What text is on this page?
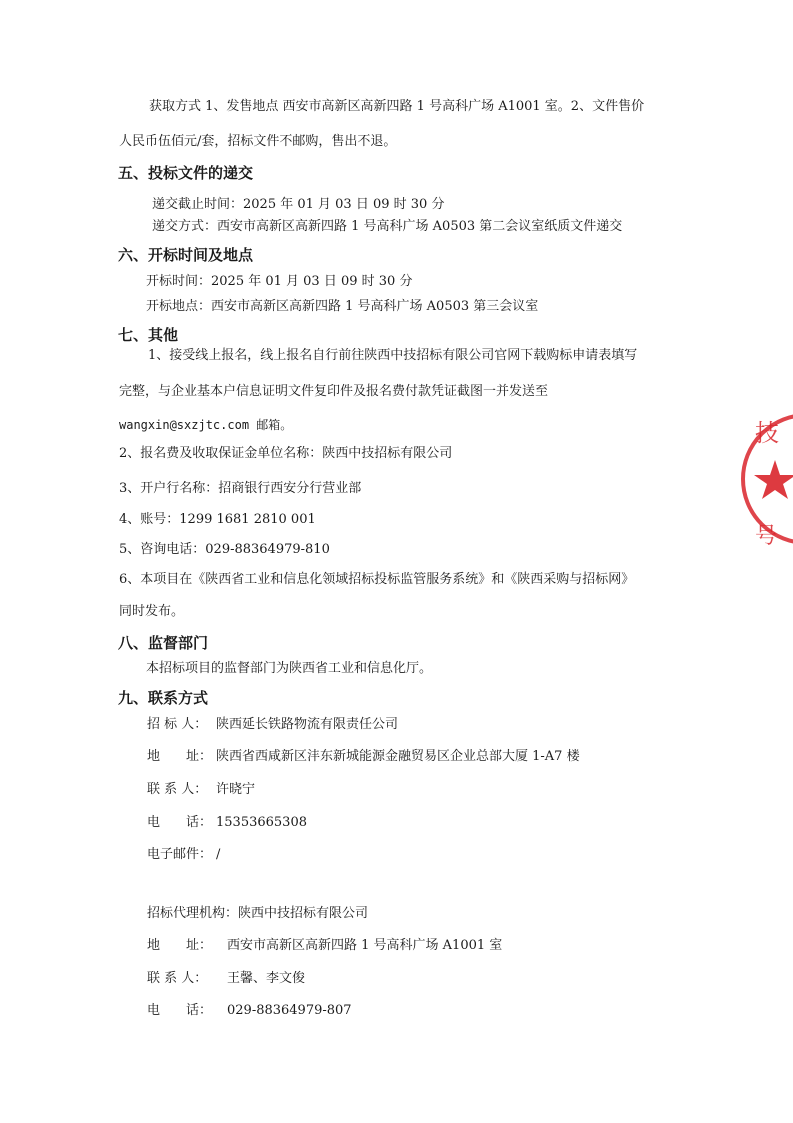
获取方式 1、发售地点 西安市高新区高新四路 1 号高科广场 A1001 室。2、文件售价
人民币伍佰元/套，招标文件不邮购，售出不退。
五、投标文件的递交
递交截止时间：2025 年 01 月 03 日 09 时 30 分
递交方式：西安市高新区高新四路 1 号高科广场 A0503 第二会议室纸质文件递交
六、开标时间及地点
开标时间：2025 年 01 月 03 日 09 时 30 分
开标地点：西安市高新区高新四路 1 号高科广场 A0503 第三会议室
七、其他
1、接受线上报名，线上报名自行前往陕西中技招标有限公司官网下载购标申请表填写
完整，与企业基本户信息证明文件复印件及报名费付款凭证截图一并发送至
wangxin@sxzjtc.com 邮箱。
2、报名费及收取保证金单位名称：陕西中技招标有限公司
3、开户行名称：招商银行西安分行营业部
4、账号：1299 1681 2810 001
5、咨询电话：029-88364979-810
6、本项目在《陕西省工业和信息化领域招标投标监管服务系统》和《陕西采购与招标网》
同时发布。
八、监督部门
本招标项目的监督部门为陕西省工业和信息化厅。
九、联系方式
招 标 人： 陕西延长铁路物流有限责任公司
地　　址： 陕西省西咸新区沣东新城能源金融贸易区企业总部大厦 1-A7 楼
联 系 人： 许晓宁
电　　话： 15353665308
电子邮件： /
招标代理机构：陕西中技招标有限公司
地　　址： 西安市高新区高新四路 1 号高科广场 A1001 室
联 系 人： 王馨、李文俊
电　　话： 029-88364979-807
技
号
